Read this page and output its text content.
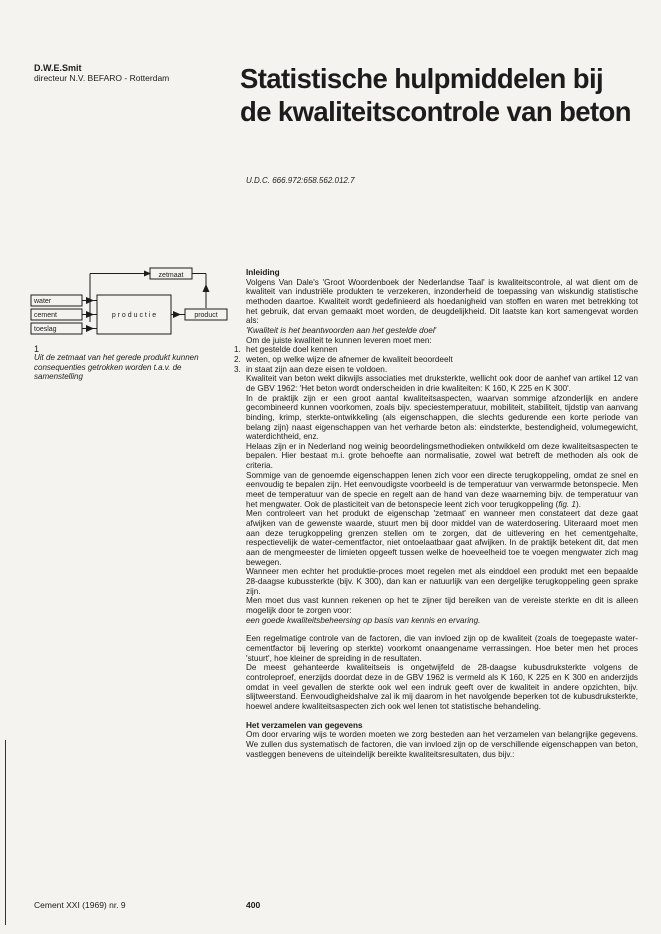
D.W.E.Smit
directeur N.V. BEFARO - Rotterdam	Statistische hulpmiddelen bij
de kwaliteitscontrole van beton
U.D.C. 666.972:658.562.012.7
zetmaat
water
cement
toeslag
p r o d u c t i e	product
1
Uit de zetmaat van het gerede produkt kunnen consequenties getrokken worden t.a.v. de samenstelling

Inleiding

Volgens Van Dale's 'Groot Woordenboek der Nederlandse Taal' is kwaliteitscontrole, al wat dient om de kwaliteit van industriële produkten te verzekeren, inzonderheid de toepassing van wiskundig statistische methoden daartoe. Kwaliteit wordt gedefinieerd als hoedanigheid van stoffen en waren met betrekking tot het gebruik, dat ervan gemaakt moet worden, de deugdelijkheid. Dit laatste kan kort samengevat worden als:

'Kwaliteit is het beantwoorden aan het gestelde doel'

Om de juiste kwaliteit te kunnen leveren moet men:

1. het gestelde doel kennen
2. weten, op welke wijze de afnemer de kwaliteit beoordeelt
3. in staat zijn aan deze eisen te voldoen.

Kwaliteit van beton wekt dikwijls associaties met druksterkte, wellicht ook door de aanhef van artikel 12 van de GBV 1962: 'Het beton wordt onderscheiden in drie kwaliteiten: K 160, K 225 en K 300'.

In de praktijk zijn er een groot aantal kwaliteitsaspecten, waarvan sommige afzonderlijk en andere gecombineerd kunnen voorkomen, zoals bijv. speciestemperatuur, mobiliteit, stabiliteit, tijdstip van aanvang binding, krimp, sterkte-ontwikkeling (als eigenschappen, die slechts gedurende een korte periode van belang zijn) naast eigenschappen van het verharde beton als: eindsterkte, bestendigheid, volumegewicht, waterdichtheid, enz.

Helaas zijn er in Nederland nog weinig beoordelingsmethodieken ontwikkeld om deze kwaliteitsaspecten te bepalen. Hier bestaat m.i. grote behoefte aan normalisatie, zowel wat betreft de methoden als ook de criteria.

Sommige van de genoemde eigenschappen lenen zich voor een directe terugkoppeling, omdat ze snel en eenvoudig te bepalen zijn. Het eenvoudigste voorbeeld is de temperatuur van verwarmde betonspecie. Men meet de temperatuur van de specie en regelt aan de hand van deze waarneming bijv. de temperatuur van het mengwater. Ook de plasticiteit van de betonspecie leent zich voor terugkoppeling (fig. 1).

Men controleert van het produkt de eigenschap 'zetmaat' en wanneer men constateert dat deze gaat afwijken van de gewenste waarde, stuurt men bij door middel van de waterdosering. Uiteraard moet men aan deze terugkoppeling grenzen stellen om te zorgen, dat de uitlevering en het cementgehalte, respectievelijk de water-cementfactor, niet ontoelaatbaar gaat afwijken. In de praktijk betekent dit, dat men aan de mengmeester de limieten opgeeft tussen welke de hoeveelheid toe te voegen mengwater zich mag bewegen.

Wanneer men echter het produktie-proces moet regelen met als einddoel een produkt met een bepaalde 28-daagse kubussterkte (bijv. K 300), dan kan er natuurlijk van een dergelijke terugkoppeling geen sprake zijn.

Men moet dus vast kunnen rekenen op het te zijner tijd bereiken van de vereiste sterkte en dit is alleen mogelijk door te zorgen voor:

een goede kwaliteitsbeheersing op basis van kennis en ervaring.

Een regelmatige controle van de factoren, die van invloed zijn op de kwaliteit (zoals de toegepaste water-cementfactor bij levering op sterkte) voorkomt onaangename verrassingen. Hoe beter men het proces 'stuurt', hoe kleiner de spreiding in de resultaten.

De meest gehanteerde kwaliteitseis is ongetwijfeld de 28-daagse kubusdruksterkte volgens de controleproef, enerzijds doordat deze in de GBV 1962 is vermeld als K 160, K 225 en K 300 en anderzijds omdat in veel gevallen de sterkte ook wel een indruk geeft over de kwaliteit in andere opzichten, bijv. slijtweerstand. Eenvoudigheidshalve zal ik mij daarom in het navolgende beperken tot de kubusdruksterkte, hoewel andere kwaliteitsaspecten zich ook wel lenen tot statistische behandeling.

Het verzamelen van gegevens

Om door ervaring wijs te worden moeten we zorg besteden aan het verzamelen van belangrijke gegevens. We zullen dus systematisch de factoren, die van invloed zijn op de verschillende eigenschappen van beton, vastleggen benevens de uiteindelijk bereikte kwaliteitsresultaten, dus bijv.:

Cement XXI (1969) nr. 9	400
